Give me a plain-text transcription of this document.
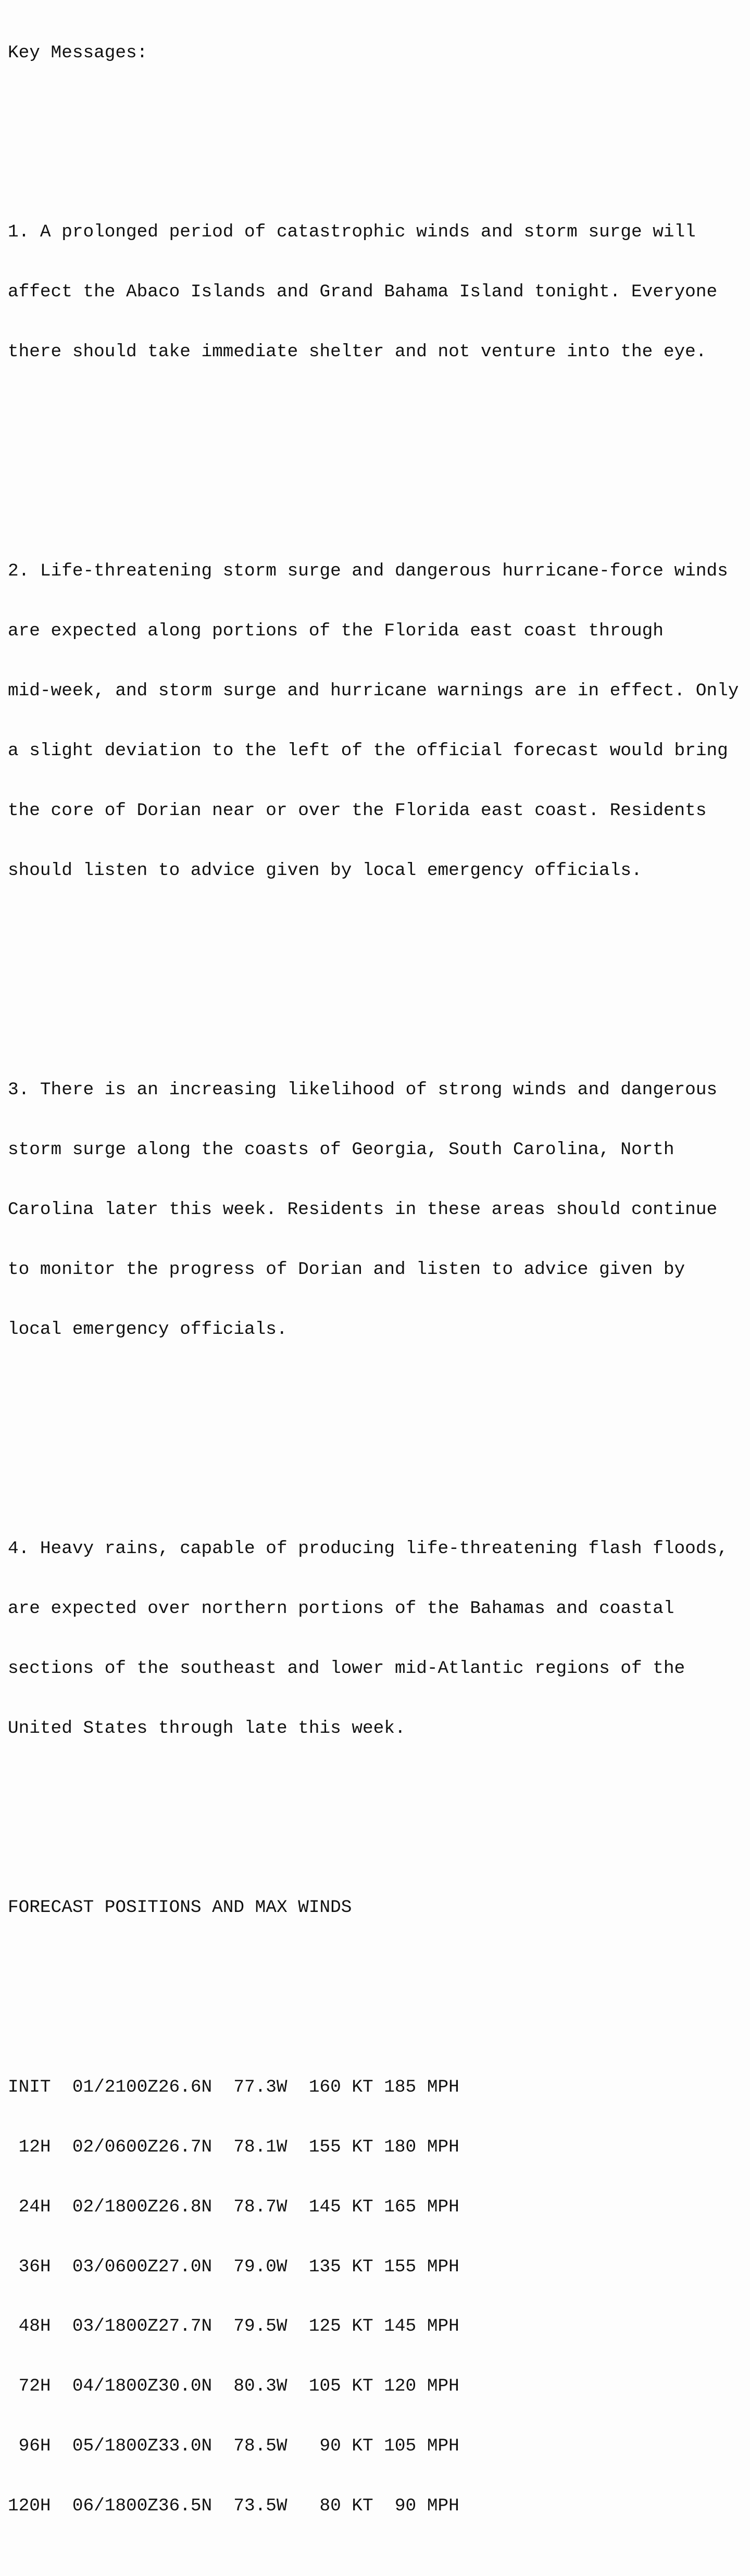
Key Messages:

1. A prolonged period of catastrophic winds and storm surge will

affect the Abaco Islands and Grand Bahama Island tonight. Everyone

there should take immediate shelter and not venture into the eye.

2. Life-threatening storm surge and dangerous hurricane-force winds

are expected along portions of the Florida east coast through

mid-week, and storm surge and hurricane warnings are in effect. Only

a slight deviation to the left of the official forecast would bring

the core of Dorian near or over the Florida east coast. Residents

should listen to advice given by local emergency officials.

3. There is an increasing likelihood of strong winds and dangerous

storm surge along the coasts of Georgia, South Carolina, North

Carolina later this week. Residents in these areas should continue

to monitor the progress of Dorian and listen to advice given by

local emergency officials.

4. Heavy rains, capable of producing life-threatening flash floods,

are expected over northern portions of the Bahamas and coastal

sections of the southeast and lower mid-Atlantic regions of the

United States through late this week.

FORECAST POSITIONS AND MAX WINDS

INIT 01/2100Z26.6N 77.3W 160 KT 185 MPH

12H 02/0600Z26.7N 78.1W 155 KT 180 MPH

24H 02/1800Z26.8N 78.7W 145 KT 165 MPH

36H 03/0600Z27.0N 79.0W 135 KT 155 MPH

48H 03/1800Z27.7N 79.5W 125 KT 145 MPH

72H 04/1800Z30.0N 80.3W 105 KT 120 MPH

96H 05/1800Z33.0N 78.5W 90 KT 105 MPH

120H 06/1800Z36.5N 73.5W 80 KT 90 MPH
